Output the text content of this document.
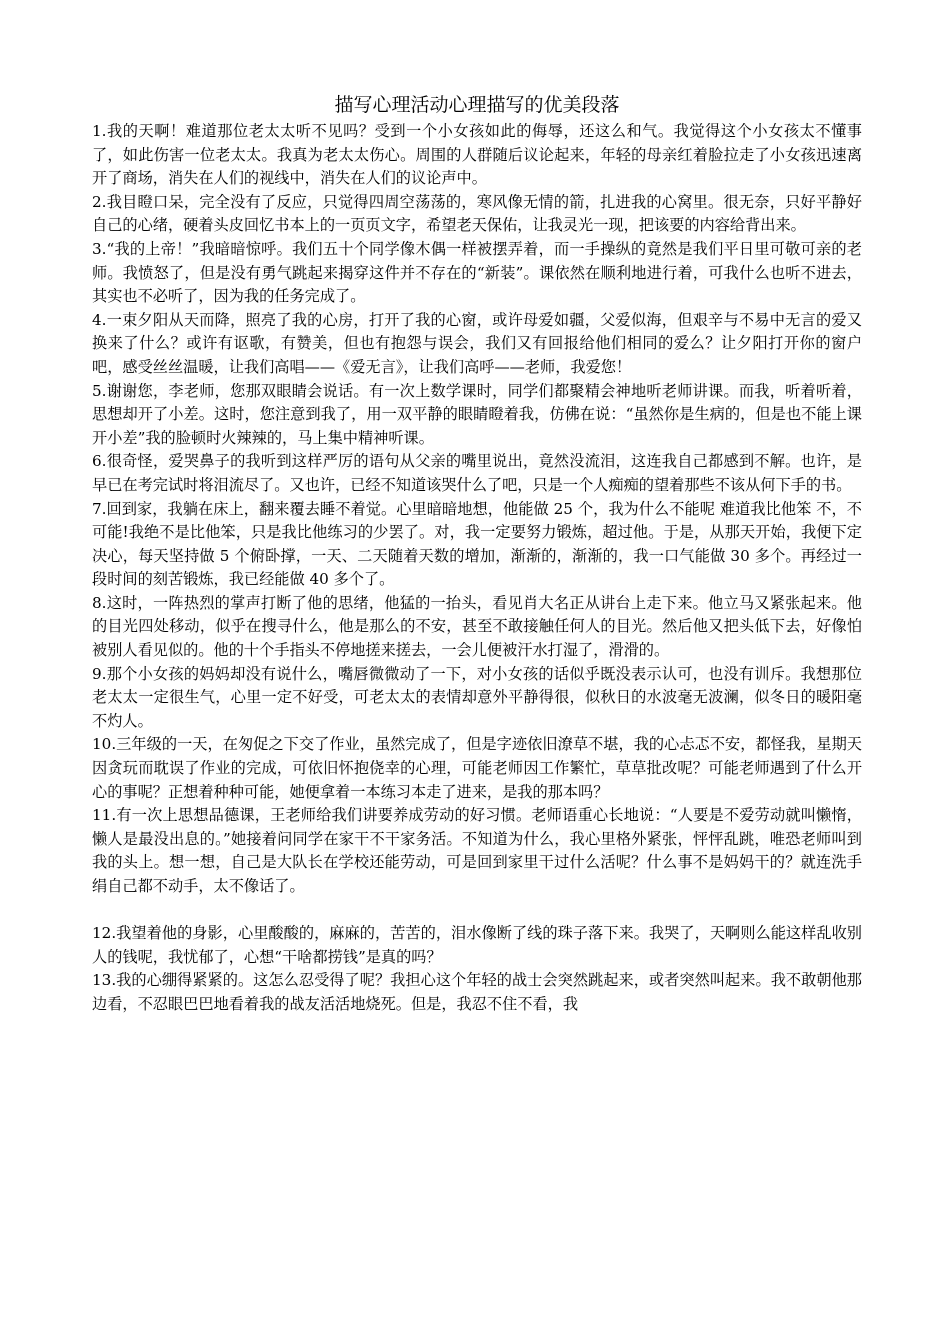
描写心理活动心理描写的优美段落

1.我的天啊！难道那位老太太听不见吗？受到一个小女孩如此的侮辱，还这么和气。我觉得这个小女孩太不懂事了，如此伤害一位老太太。我真为老太太伤心。周围的人群随后议论起来，年轻的母亲红着脸拉走了小女孩迅速离开了商场，消失在人们的视线中，消失在人们的议论声中。

2.我目瞪口呆，完全没有了反应，只觉得四周空荡荡的，寒风像无情的箭，扎进我的心窝里。很无奈，只好平静好自己的心绪，硬着头皮回忆书本上的一页页文字，希望老天保佑，让我灵光一现，把该要的内容给背出来。

3.“我的上帝！”我暗暗惊呼。我们五十个同学像木偶一样被摆弄着，而一手操纵的竟然是我们平日里可敬可亲的老师。我愤怒了，但是没有勇气跳起来揭穿这件并不存在的“新装”。课依然在顺利地进行着，可我什么也听不进去，其实也不必听了，因为我的任务完成了。

4.一束夕阳从天而降，照亮了我的心房，打开了我的心窗，或许母爱如疆，父爱似海，但艰辛与不易中无言的爱又换来了什么？或许有讴歌，有赞美，但也有抱怨与误会，我们又有回报给他们相同的爱么？让夕阳打开你的窗户吧，感受丝丝温暖，让我们高唱——《爱无言》，让我们高呼——老师，我爱您！

5.谢谢您，李老师，您那双眼睛会说话。有一次上数学课时，同学们都聚精会神地听老师讲课。而我，听着听着，思想却开了小差。这时，您注意到我了，用一双平静的眼睛瞪着我，仿佛在说：“虽然你是生病的，但是也不能上课开小差”我的脸顿时火辣辣的，马上集中精神听课。

6.很奇怪，爱哭鼻子的我听到这样严厉的语句从父亲的嘴里说出，竟然没流泪，这连我自己都感到不解。也许，是早已在考完试时将泪流尽了。又也许，已经不知道该哭什么了吧，只是一个人痴痴的望着那些不该从何下手的书。

7.回到家，我躺在床上，翻来覆去睡不着觉。心里暗暗地想，他能做 25 个，我为什么不能呢 难道我比他笨 不，不可能!我绝不是比他笨，只是我比他练习的少罢了。对，我一定要努力锻炼，超过他。于是，从那天开始，我便下定决心，每天坚持做 5 个俯卧撑，一天、二天随着天数的增加，渐渐的，渐渐的，我一口气能做 30 多个。再经过一段时间的刻苦锻炼，我已经能做 40 多个了。

8.这时，一阵热烈的掌声打断了他的思绪，他猛的一抬头，看见肖大名正从讲台上走下来。他立马又紧张起来。他的目光四处移动，似乎在搜寻什么，他是那么的不安，甚至不敢接触任何人的目光。然后他又把头低下去，好像怕被别人看见似的。他的十个手指头不停地搓来搓去，一会儿便被汗水打湿了，滑滑的。

9.那个小女孩的妈妈却没有说什么，嘴唇微微动了一下，对小女孩的话似乎既没表示认可，也没有训斥。我想那位老太太一定很生气，心里一定不好受，可老太太的表情却意外平静得很，似秋日的水波毫无波澜，似冬日的暖阳毫不灼人。

10.三年级的一天，在匆促之下交了作业，虽然完成了，但是字迹依旧潦草不堪，我的心忐忑不安，都怪我，星期天因贪玩而耽误了作业的完成，可依旧怀抱侥幸的心理，可能老师因工作繁忙，草草批改呢？可能老师遇到了什么开心的事呢？正想着种种可能，她便拿着一本练习本走了进来，是我的那本吗？

11.有一次上思想品德课，王老师给我们讲要养成劳动的好习惯。老师语重心长地说：“人要是不爱劳动就叫懒惰，懒人是最没出息的。”她接着问同学在家干不干家务活。不知道为什么，我心里格外紧张，怦怦乱跳，唯恐老师叫到我的头上。想一想，自己是大队长在学校还能劳动，可是回到家里干过什么活呢？什么事不是妈妈干的？就连洗手绢自己都不动手，太不像话了。

12.我望着他的身影，心里酸酸的，麻麻的，苦苦的，泪水像断了线的珠子落下来。我哭了，天啊则么能这样乱收别人的钱呢，我忧郁了，心想“干啥都捞钱”是真的吗？

13.我的心绷得紧紧的。这怎么忍受得了呢？我担心这个年轻的战士会突然跳起来，或者突然叫起来。我不敢朝他那边看，不忍眼巴巴地看着我的战友活活地烧死。但是，我忍不住不看，我
